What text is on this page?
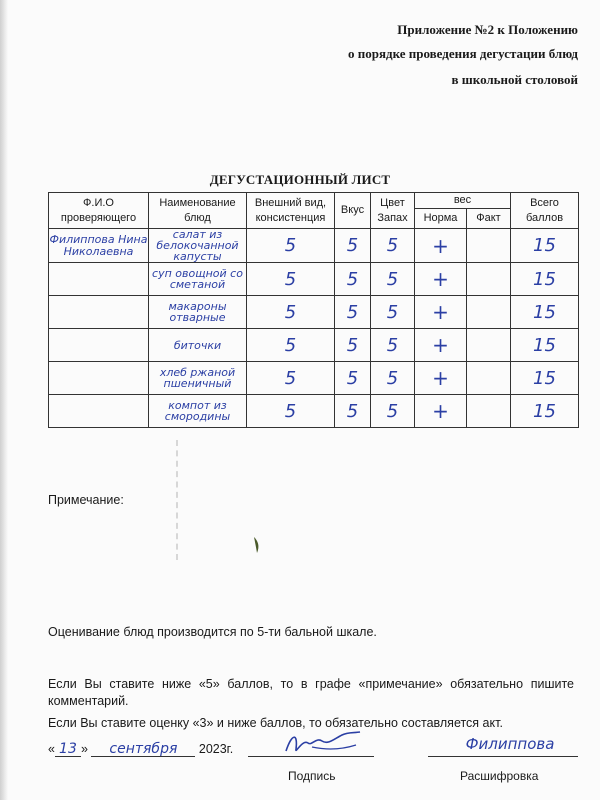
Приложение №2 к Положению
о порядке проведения дегустации блюд
в школьной столовой
ДЕГУСТАЦИОННЫЙ ЛИСТ
Ф.И.О проверяющего	Наименование блюд	Внешний вид, консистенция	Вкус	Цвет Запах	вес		Всего баллов
					Норма	Факт	
Филиппова Нина Николаевна	салат из белокочанной капусты	5	5	5	+		15
	суп овощной со сметаной	5	5	5	+		15
	макароны отварные	5	5	5	+		15
	биточки	5	5	5	+		15
	хлеб ржаной пшеничный	5	5	5	+		15
	компот из смородины	5	5	5	+		15
Примечание:
Оценивание блюд производится по 5-ти бальной шкале.
Если Вы ставите ниже «5» баллов, то в графе «примечание» обязательно пишите комментарий.
Если Вы ставите оценку «3» и ниже баллов, то обязательно составляется акт.
« 13 » сентября 2023г.	Филиппова
Подпись	Расшифровка
